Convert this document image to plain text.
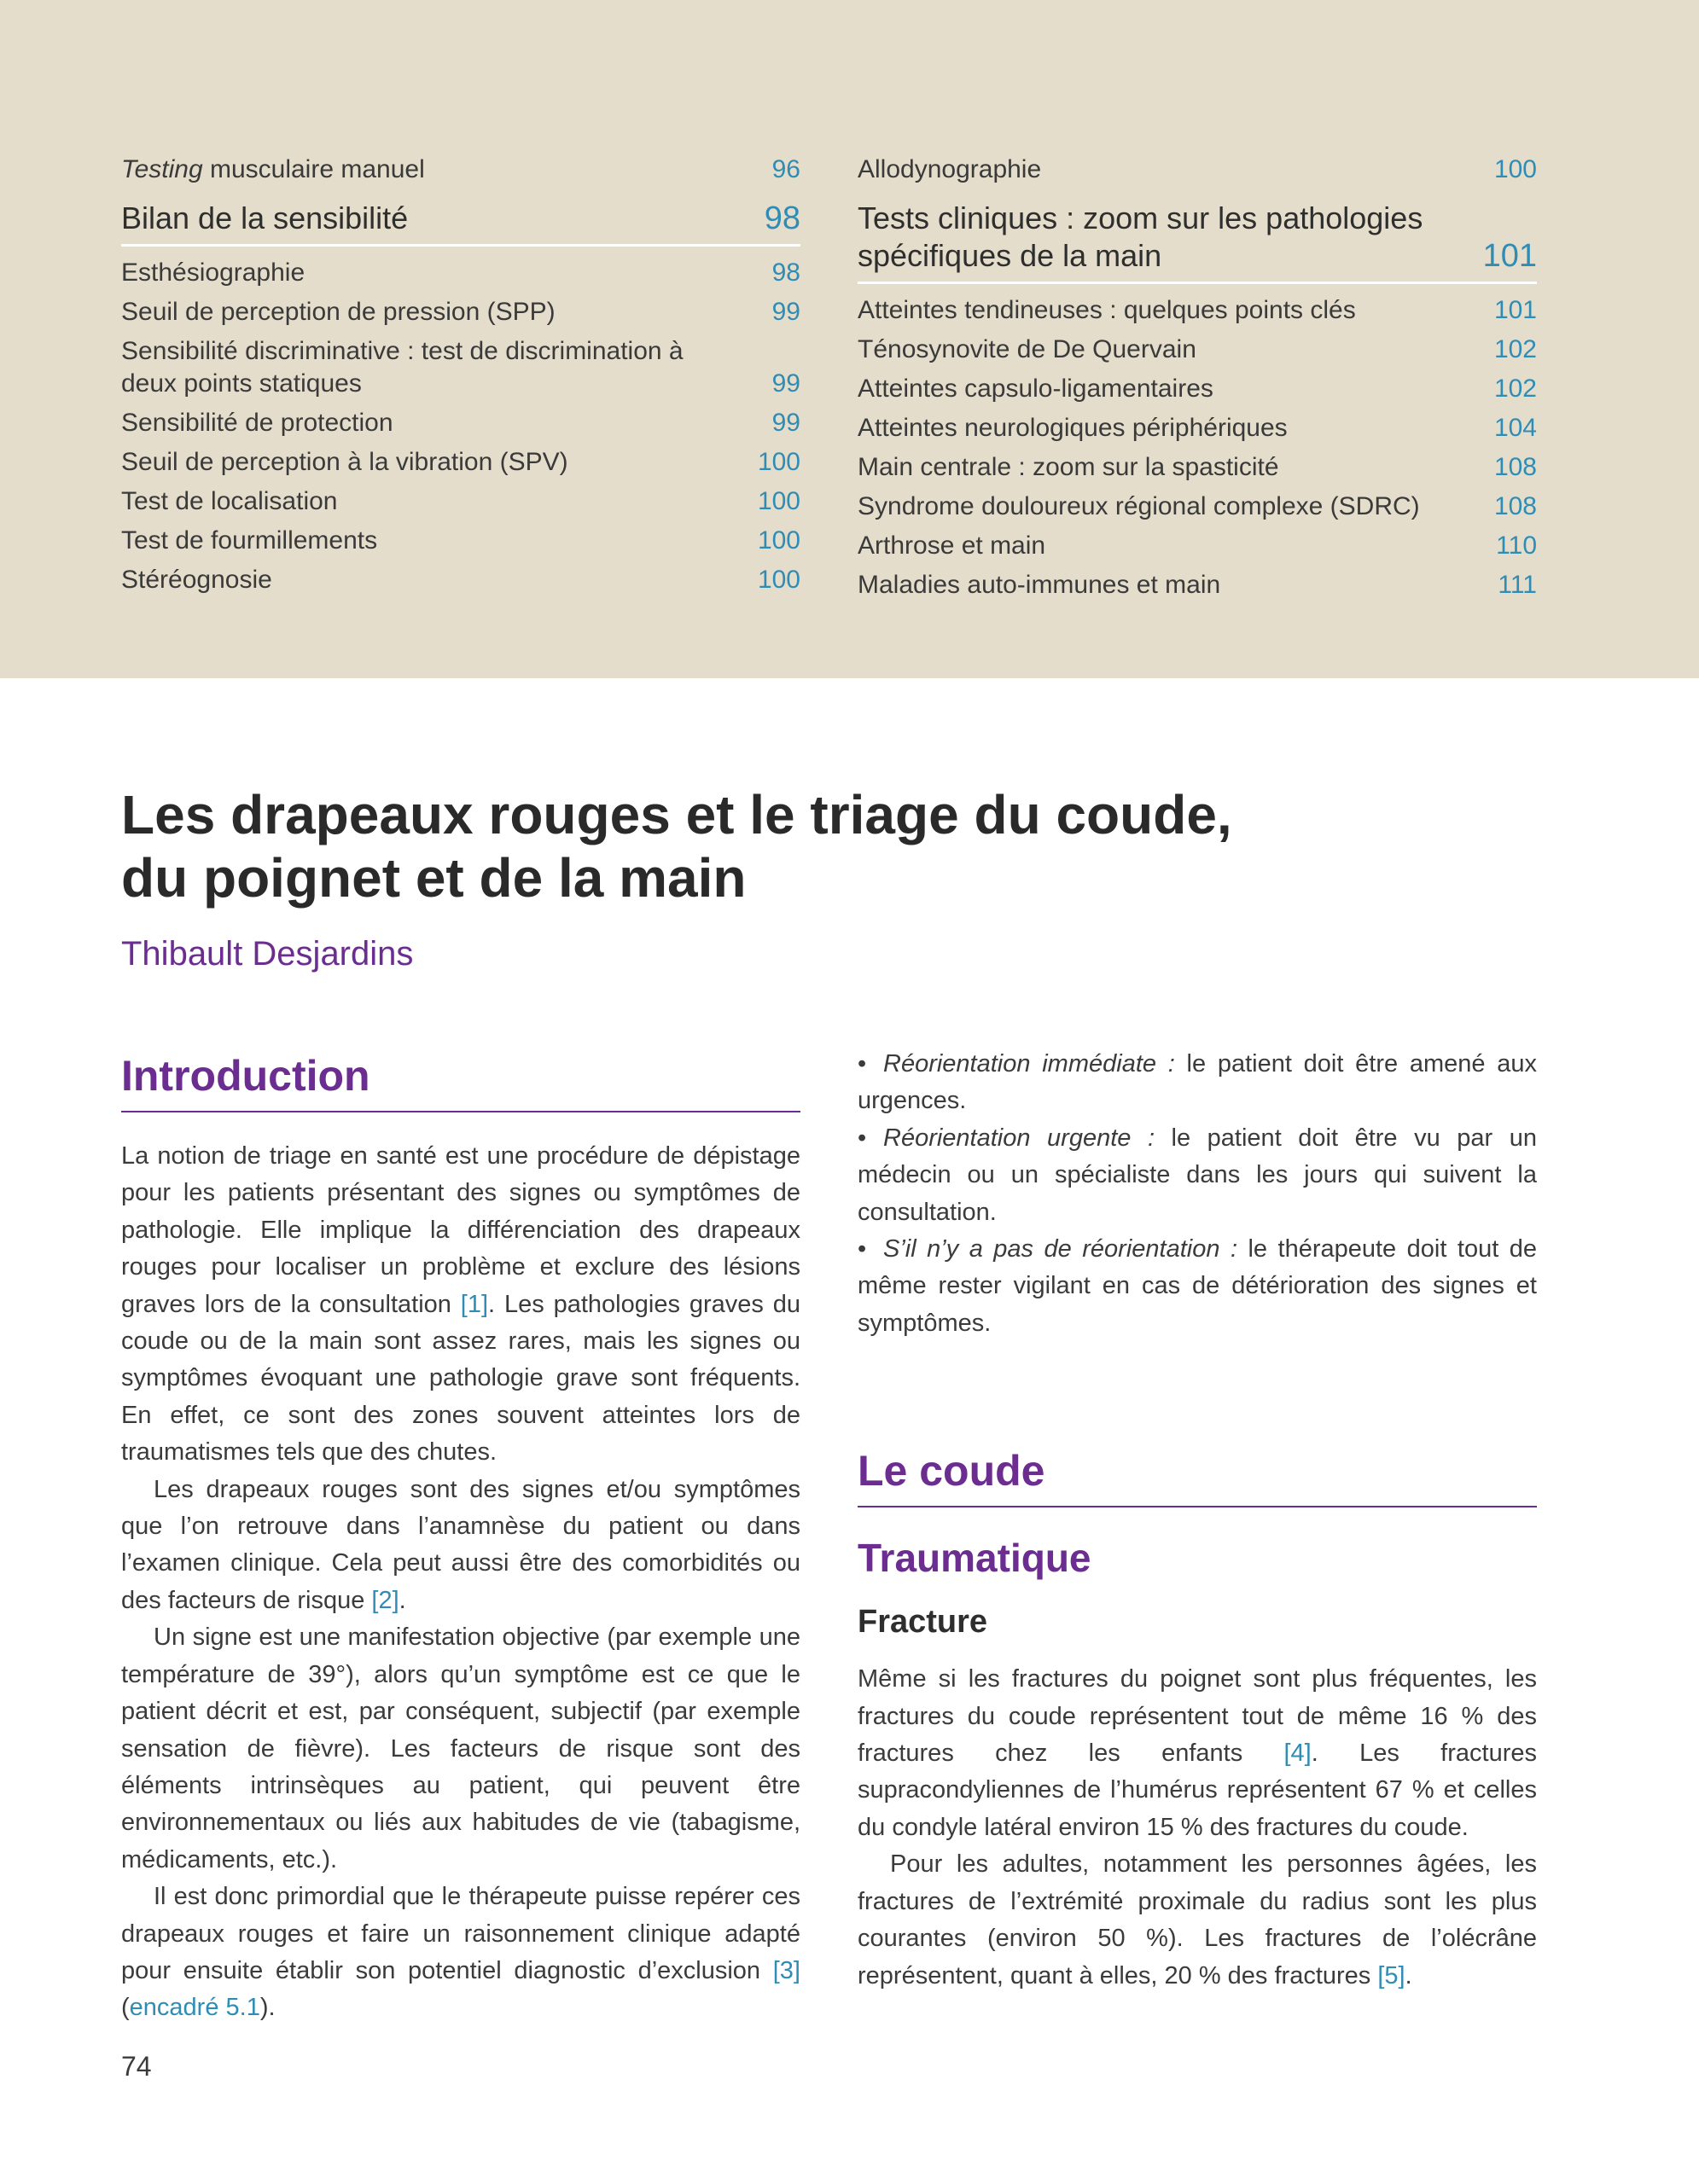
Testing musculaire manuel	96
Bilan de la sensibilité	98
Esthésiographie	98
Seuil de perception de pression (SPP)	99
Sensibilité discriminative : test de discrimination à deux points statiques	99
Sensibilité de protection	99
Seuil de perception à la vibration (SPV)	100
Test de localisation	100
Test de fourmillements	100
Stéréognosie	100
Allodynographie	100
Tests cliniques : zoom sur les pathologies spécifiques de la main	101
Atteintes tendineuses : quelques points clés	101
Ténosynovite de De Quervain	102
Atteintes capsulo-ligamentaires	102
Atteintes neurologiques périphériques	104
Main centrale : zoom sur la spasticité	108
Syndrome douloureux régional complexe (SDRC)	108
Arthrose et main	110
Maladies auto-immunes et main	111
Les drapeaux rouges et le triage du coude,
du poignet et de la main

Thibault Desjardins

Introduction

La notion de triage en santé est une procédure de dépistage pour les patients présentant des signes ou symptômes de pathologie. Elle implique la différenciation des drapeaux rouges pour localiser un problème et exclure des lésions graves lors de la consultation [1]. Les pathologies graves du coude ou de la main sont assez rares, mais les signes ou symptômes évoquant une pathologie grave sont fréquents. En effet, ce sont des zones souvent atteintes lors de traumatismes tels que des chutes.

Les drapeaux rouges sont des signes et/ou symptômes que l’on retrouve dans l’anamnèse du patient ou dans l’examen clinique. Cela peut aussi être des comorbidités ou des facteurs de risque [2].

Un signe est une manifestation objective (par exemple une température de 39°), alors qu’un symptôme est ce que le patient décrit et est, par conséquent, subjectif (par exemple sensation de fièvre). Les facteurs de risque sont des éléments intrinsèques au patient, qui peuvent être environnementaux ou liés aux habitudes de vie (tabagisme, médicaments, etc.).

Il est donc primordial que le thérapeute puisse repérer ces drapeaux rouges et faire un raisonnement clinique adapté pour ensuite établir son potentiel diagnostic d’exclusion [3] (encadré 5.1).

• Réorientation immédiate : le patient doit être amené aux urgences.

• Réorientation urgente : le patient doit être vu par un médecin ou un spécialiste dans les jours qui suivent la consultation.

• S’il n’y a pas de réorientation : le thérapeute doit tout de même rester vigilant en cas de détérioration des signes et symptômes.

Le coude
Traumatique
Fracture

Même si les fractures du poignet sont plus fréquentes, les fractures du coude représentent tout de même 16 % des fractures chez les enfants [4]. Les fractures supracondyliennes de l’humérus représentent 67 % et celles du condyle latéral environ 15 % des fractures du coude.

Pour les adultes, notamment les personnes âgées, les fractures de l’extrémité proximale du radius sont les plus courantes (environ 50 %). Les fractures de l’olécrâne représentent, quant à elles, 20 % des fractures [5].

74
